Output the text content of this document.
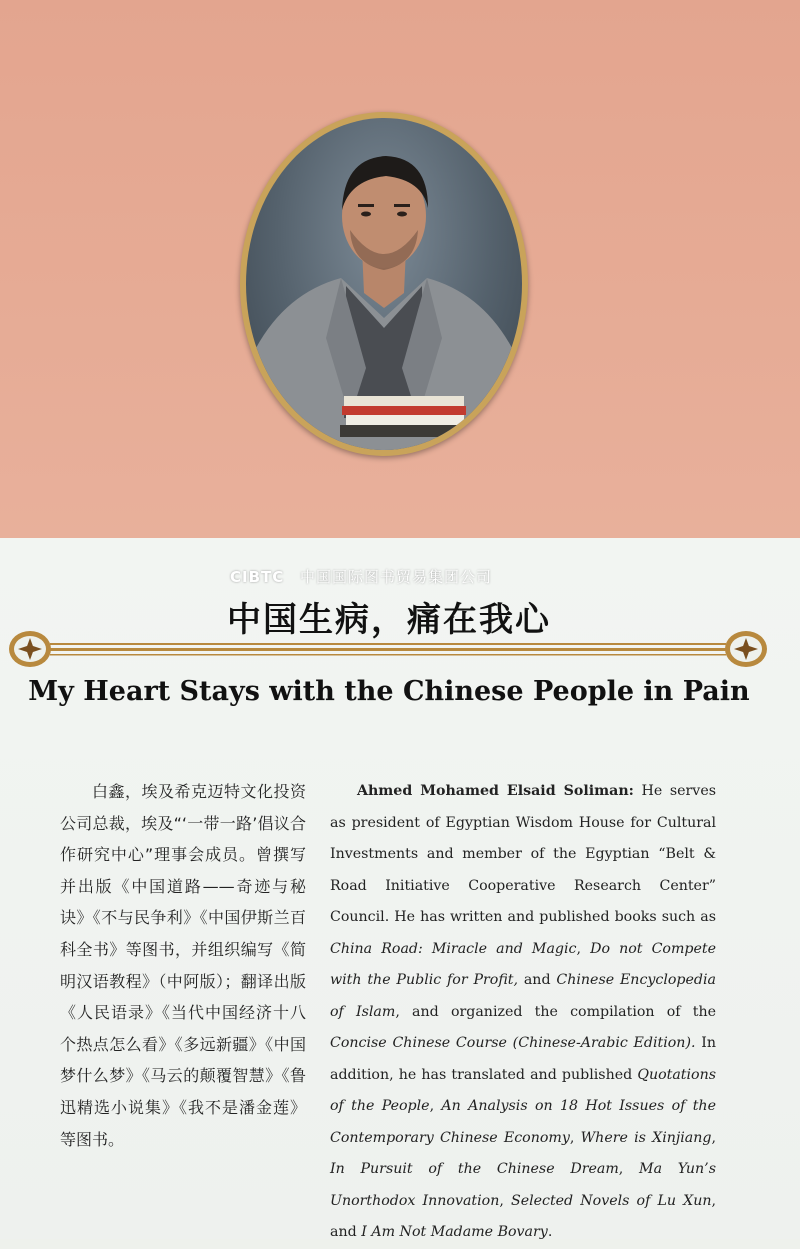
CIBTC 中国国际图书贸易集团公司
中国生病，痛在我心
My Heart Stays with the Chinese People in Pain

白鑫，埃及希克迈特文化投资公司总裁，埃及“‘一带一路’倡议合作研究中心”理事会成员。曾撰写并出版《中国道路——奇迹与秘诀》《不与民争利》《中国伊斯兰百科全书》等图书，并组织编写《简明汉语教程》（中阿版）；翻译出版《人民语录》《当代中国经济十八个热点怎么看》《多远新疆》《中国梦什么梦》《马云的颠覆智慧》《鲁迅精选小说集》《我不是潘金莲》等图书。

Ahmed Mohamed Elsaid Soliman: He serves as president of Egyptian Wisdom House for Cultural Investments and member of the Egyptian “Belt & Road Initiative Cooperative Research Center” Council. He has written and published books such as China Road: Miracle and Magic, Do not Compete with the Public for Profit, and Chinese Encyclopedia of Islam, and organized the compilation of the Concise Chinese Course (Chinese-Arabic Edition). In addition, he has translated and published Quotations of the People, An Analysis on 18 Hot Issues of the Contemporary Chinese Economy, Where is Xinjiang, In Pursuit of the Chinese Dream, Ma Yun’s Unorthodox Innovation, Selected Novels of Lu Xun, and I Am Not Madame Bovary.
